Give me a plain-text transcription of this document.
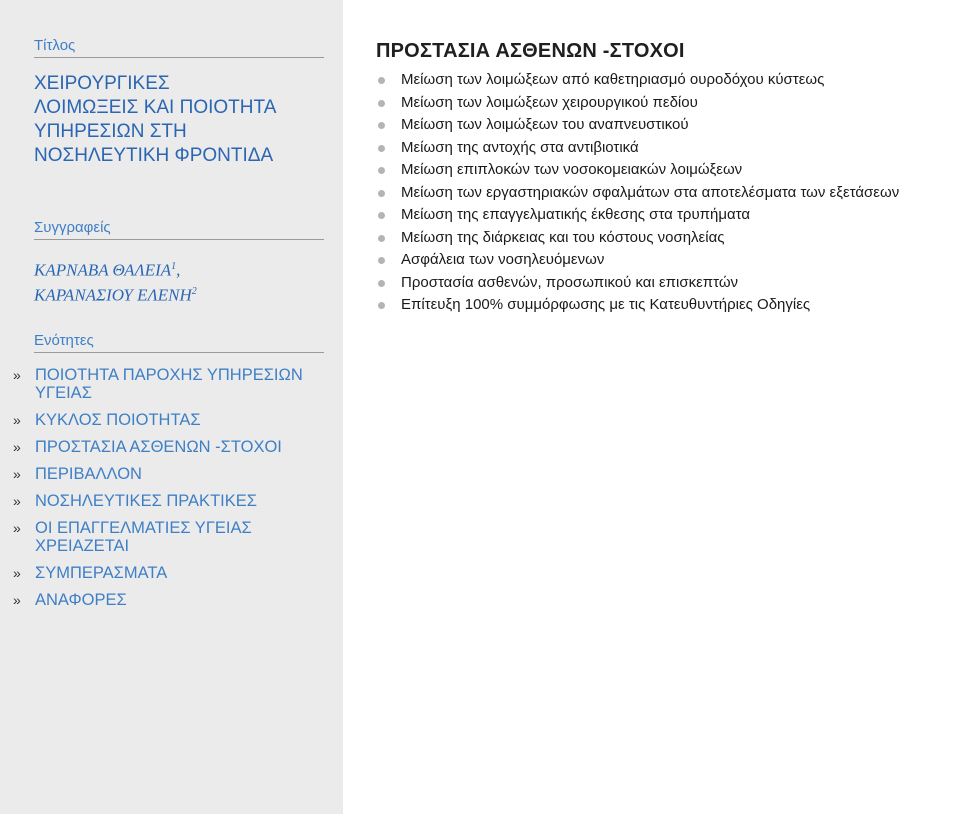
Τίτλος
ΧΕΙΡΟΥΡΓΙΚΕΣ
ΛΟΙΜΩΞΕΙΣ ΚΑΙ ΠΟΙΟΤΗΤΑ
ΥΠΗΡΕΣΙΩΝ ΣΤΗ
ΝΟΣΗΛΕΥΤΙΚΗ ΦΡΟΝΤΙΔΑ
Συγγραφείς
ΚΑΡΝΑΒΑ ΘΑΛΕΙΑ$^1$,
ΚΑΡΑΝΑΣΙΟΥ ΕΛΕΝΗ$^2$
Ενότητες
» ΠΟΙΟΤΗΤΑ ΠΑΡΟΧΗΣ ΥΠΗΡΕΣΙΩΝ
ΥΓΕΙΑΣ
» ΚΥΚΛΟΣ ΠΟΙΟΤΗΤΑΣ
» ΠΡΟΣΤΑΣΙΑ ΑΣΘΕΝΩΝ -ΣΤΟΧΟΙ
» ΠΕΡΙΒΑΛΛΟΝ
» ΝΟΣΗΛΕΥΤΙΚΕΣ ΠΡΑΚΤΙΚΕΣ
» ΟΙ ΕΠΑΓΓΕΛΜΑΤΙΕΣ ΥΓΕΙΑΣ
ΧΡΕΙΑΖΕΤΑΙ
» ΣΥΜΠΕΡΑΣΜΑΤΑ
» ΑΝΑΦΟΡΕΣ
ΠΡΟΣΤΑΣΙΑ ΑΣΘΕΝΩΝ -ΣΤΟΧΟΙ
Μείωση των λοιμώξεων από καθετηριασμό ουροδόχου κύστεως
Μείωση των λοιμώξεων χειρουργικού πεδίου
Μείωση των λοιμώξεων του αναπνευστικού
Μείωση της αντοχής στα αντιβιοτικά
Μείωση επιπλοκών των νοσοκομειακών λοιμώξεων
Μείωση των εργαστηριακών σφαλμάτων στα αποτελέσματα των εξετάσεων
Μείωση της επαγγελματικής έκθεσης στα τρυπήματα
Μείωση της διάρκειας και του κόστους νοσηλείας
Ασφάλεια των νοσηλευόμενων
Προστασία ασθενών, προσωπικού και επισκεπτών
Επίτευξη 100% συμμόρφωσης με τις Κατευθυντήριες Οδηγίες
